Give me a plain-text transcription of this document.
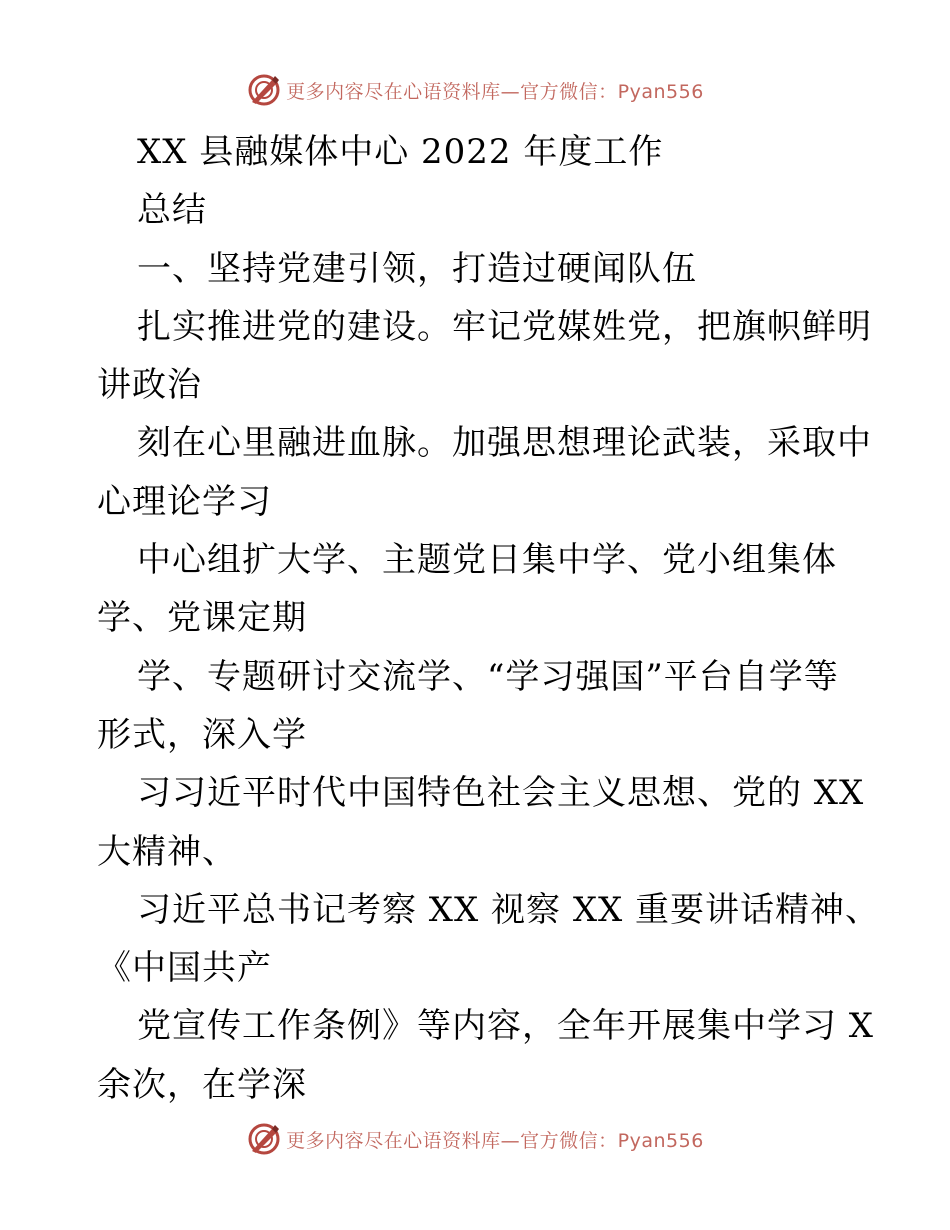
更多内容尽在心语资料库—官方微信：Pyan556
XX 县融媒体中心 2022 年度工作
总结
一、坚持党建引领，打造过硬闻队伍
扎实推进党的建设。牢记党媒姓党，把旗帜鲜明
讲政治
刻在心里融进血脉。加强思想理论武装，采取中
心理论学习
中心组扩大学、主题党日集中学、党小组集体
学、党课定期
学、专题研讨交流学、“学习强国”平台自学等
形式，深入学
习习近平时代中国特色社会主义思想、党的 XX
大精神、
习近平总书记考察 XX 视察 XX 重要讲话精神、
《中国共产
党宣传工作条例》等内容，全年开展集中学习 X
余次，在学深
更多内容尽在心语资料库—官方微信：Pyan556
